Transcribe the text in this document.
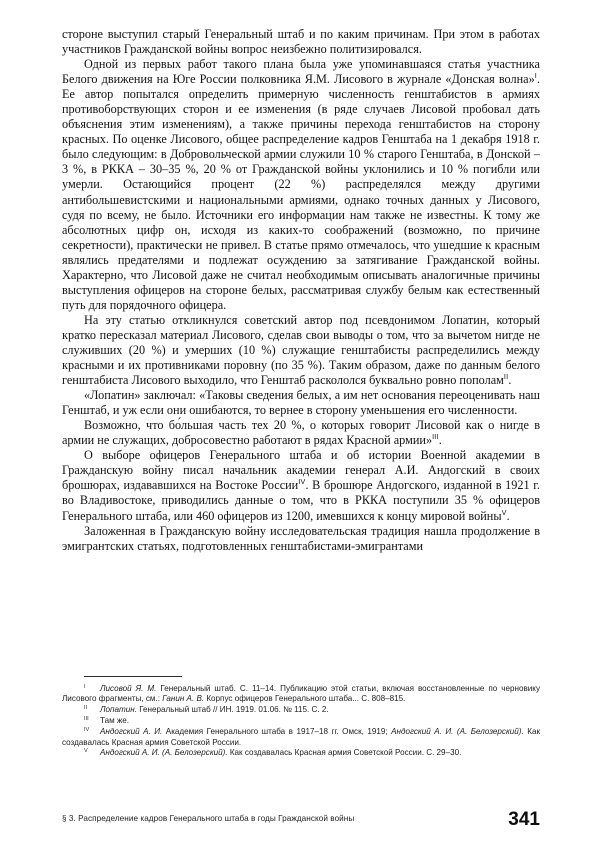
стороне выступил старый Генеральный штаб и по каким причинам. При этом в работах участников Гражданской войны вопрос неизбежно политизировался.

Одной из первых работ такого плана была уже упоминавшаяся статья участника Белого движения на Юге России полковника Я.М. Лисового в журнале «Донская волна»$^I$. Ее автор попытался определить примерную численность генштабистов в армиях противоборствующих сторон и ее изменения (в ряде случаев Лисовой пробовал дать объяснения этим изменениям), а также причины перехода генштабистов на сторону красных. По оценке Лисового, общее распределение кадров Генштаба на 1 декабря 1918 г. было следующим: в Добровольческой армии служили 10 % старого Генштаба, в Донской – 3 %, в РККА – 30–35 %, 20 % от Гражданской войны уклонились и 10 % погибли или умерли. Остающийся процент (22 %) распределялся между другими антибольшевистскими и национальными армиями, однако точных данных у Лисового, судя по всему, не было. Источники его информации нам также не известны. К тому же абсолютных цифр он, исходя из каких-то соображений (возможно, по причине секретности), практически не привел. В статье прямо отмечалось, что ушедшие к красным являлись предателями и подлежат осуждению за затягивание Гражданской войны. Характерно, что Лисовой даже не считал необходимым описывать аналогичные причины выступления офицеров на стороне белых, рассматривая службу белым как естественный путь для порядочного офицера.

На эту статью откликнулся советский автор под псевдонимом Лопатин, который кратко пересказал материал Лисового, сделав свои выводы о том, что за вычетом нигде не служивших (20 %) и умерших (10 %) служащие генштабисты распределились между красными и их противниками поровну (по 35 %). Таким образом, даже по данным белого генштабиста Лисового выходило, что Генштаб раскололся буквально ровно пополам$^{II}$.

«Лопатин» заключал: «Таковы сведения белых, а им нет основания переоценивать наш Генштаб, и уж если они ошибаются, то вернее в сторону уменьшения его численности.

Возможно, что бо́льшая часть тех 20 %, о которых говорит Лисовой как о нигде в армии не служащих, добросовестно работают в рядах Красной армии»$^{III}$.

О выборе офицеров Генерального штаба и об истории Военной академии в Гражданскую войну писал начальник академии генерал А.И. Андогский в своих брошюрах, издававшихся на Востоке России$^{IV}$. В брошюре Андогского, изданной в 1921 г. во Владивостоке, приводились данные о том, что в РККА поступили 35 % офицеров Генерального штаба, или 460 офицеров из 1200, имевшихся к концу мировой войны$^V$.

Заложенная в Гражданскую войну исследовательская традиция нашла продолжение в эмигрантских статьях, подготовленных генштабистами-эмигрантами

I	Лисовой Я. М. Генеральный штаб. С. 11–14. Публикацию этой статьи, включая восстановленные по черновику Лисового фрагменты, см.: Ганин А. В. Корпус офицеров Генерального штаба... С. 808–815.
II	Лопатин. Генеральный штаб // ИН. 1919. 01.06. № 115. С. 2.
III	Там же.
IV	Андогский А. И. Академия Генерального штаба в 1917–18 гг. Омск, 1919; Андогский А. И. (А. Белозерский). Как создавалась Красная армия Советской России.
V	Андогский А. И. (А. Белозерский). Как создавалась Красная армия Советской России. С. 29–30.
§ 3. Распределение кадров Генерального штаба в годы Гражданской войны	341
